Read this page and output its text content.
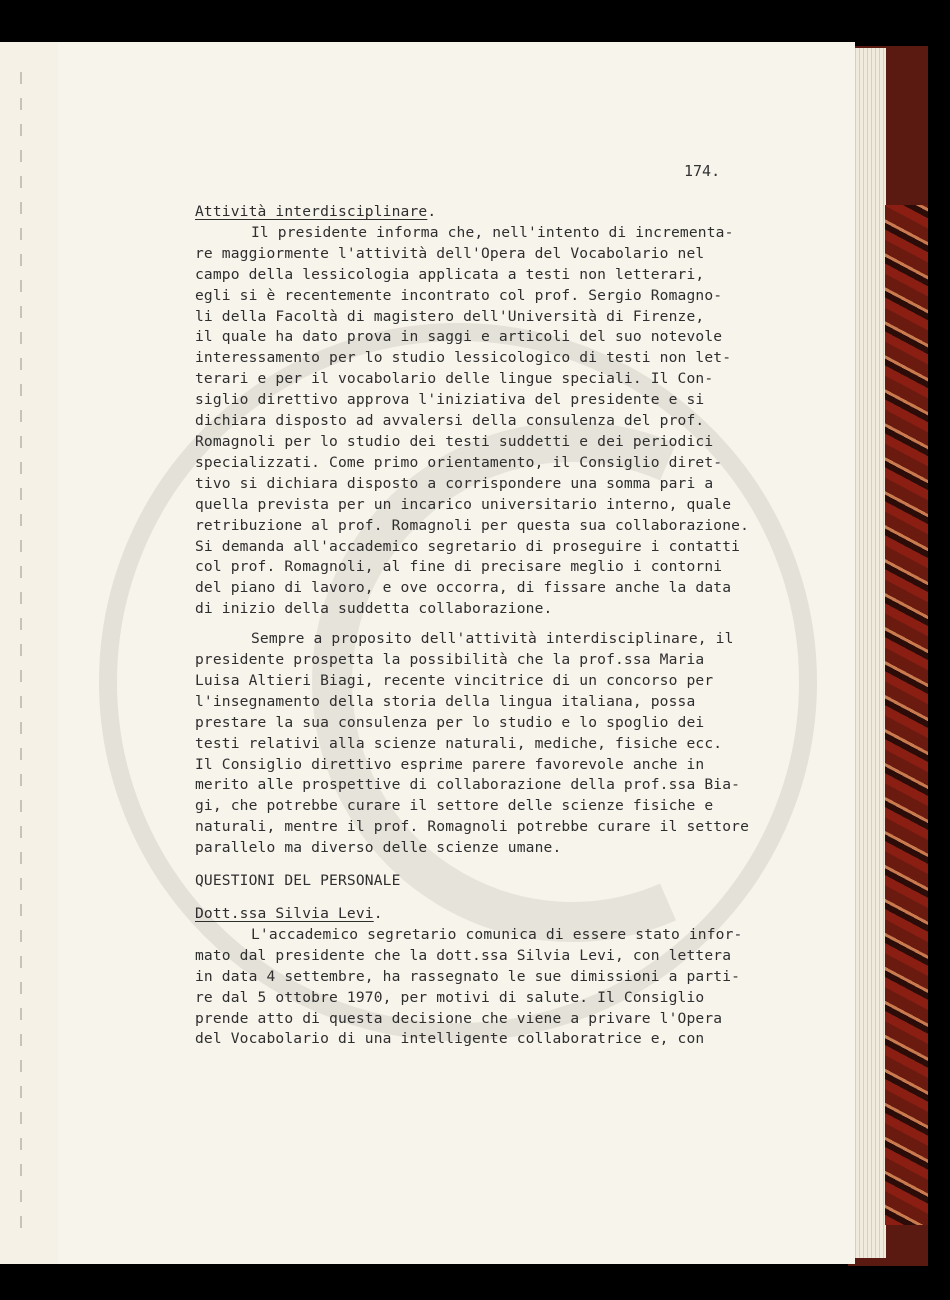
174.

Attività interdisciplinare.

Il presidente informa che, nell'intento di incrementa-
re maggiormente l'attività dell'Opera del Vocabolario nel
campo della lessicologia applicata a testi non letterari,
egli si è recentemente incontrato col prof. Sergio Romagno-
li della Facoltà di magistero dell'Università di Firenze,
il quale ha dato prova in saggi e articoli del suo notevole
interessamento per lo studio lessicologico di testi non let-
terari e per il vocabolario delle lingue speciali. Il Con-
siglio direttivo approva l'iniziativa del presidente e si
dichiara disposto ad avvalersi della consulenza del prof.
Romagnoli per lo studio dei testi suddetti e dei periodici
specializzati. Come primo orientamento, il Consiglio diret-
tivo si dichiara disposto a corrispondere una somma pari a
quella prevista per un incarico universitario interno, quale
retribuzione al prof. Romagnoli per questa sua collaborazione.
Si demanda all'accademico segretario di proseguire i contatti
col prof. Romagnoli, al fine di precisare meglio i contorni
del piano di lavoro, e ove occorra, di fissare anche la data
di inizio della suddetta collaborazione.

Sempre a proposito dell'attività interdisciplinare, il
presidente prospetta la possibilità che la prof.ssa Maria
Luisa Altieri Biagi, recente vincitrice di un concorso per
l'insegnamento della storia della lingua italiana, possa
prestare la sua consulenza per lo studio e lo spoglio dei
testi relativi alla scienze naturali, mediche, fisiche ecc.
Il Consiglio direttivo esprime parere favorevole anche in
merito alle prospettive di collaborazione della prof.ssa Bia-
gi, che potrebbe curare il settore delle scienze fisiche e
naturali, mentre il prof. Romagnoli potrebbe curare il settore
parallelo ma diverso delle scienze umane.

QUESTIONI DEL PERSONALE

Dott.ssa Silvia Levi.

L'accademico segretario comunica di essere stato infor-
mato dal presidente che la dott.ssa Silvia Levi, con lettera
in data 4 settembre, ha rassegnato le sue dimissioni a parti-
re dal 5 ottobre 1970, per motivi di salute. Il Consiglio
prende atto di questa decisione che viene a privare l'Opera
del Vocabolario di una intelligente collaboratrice e, con
